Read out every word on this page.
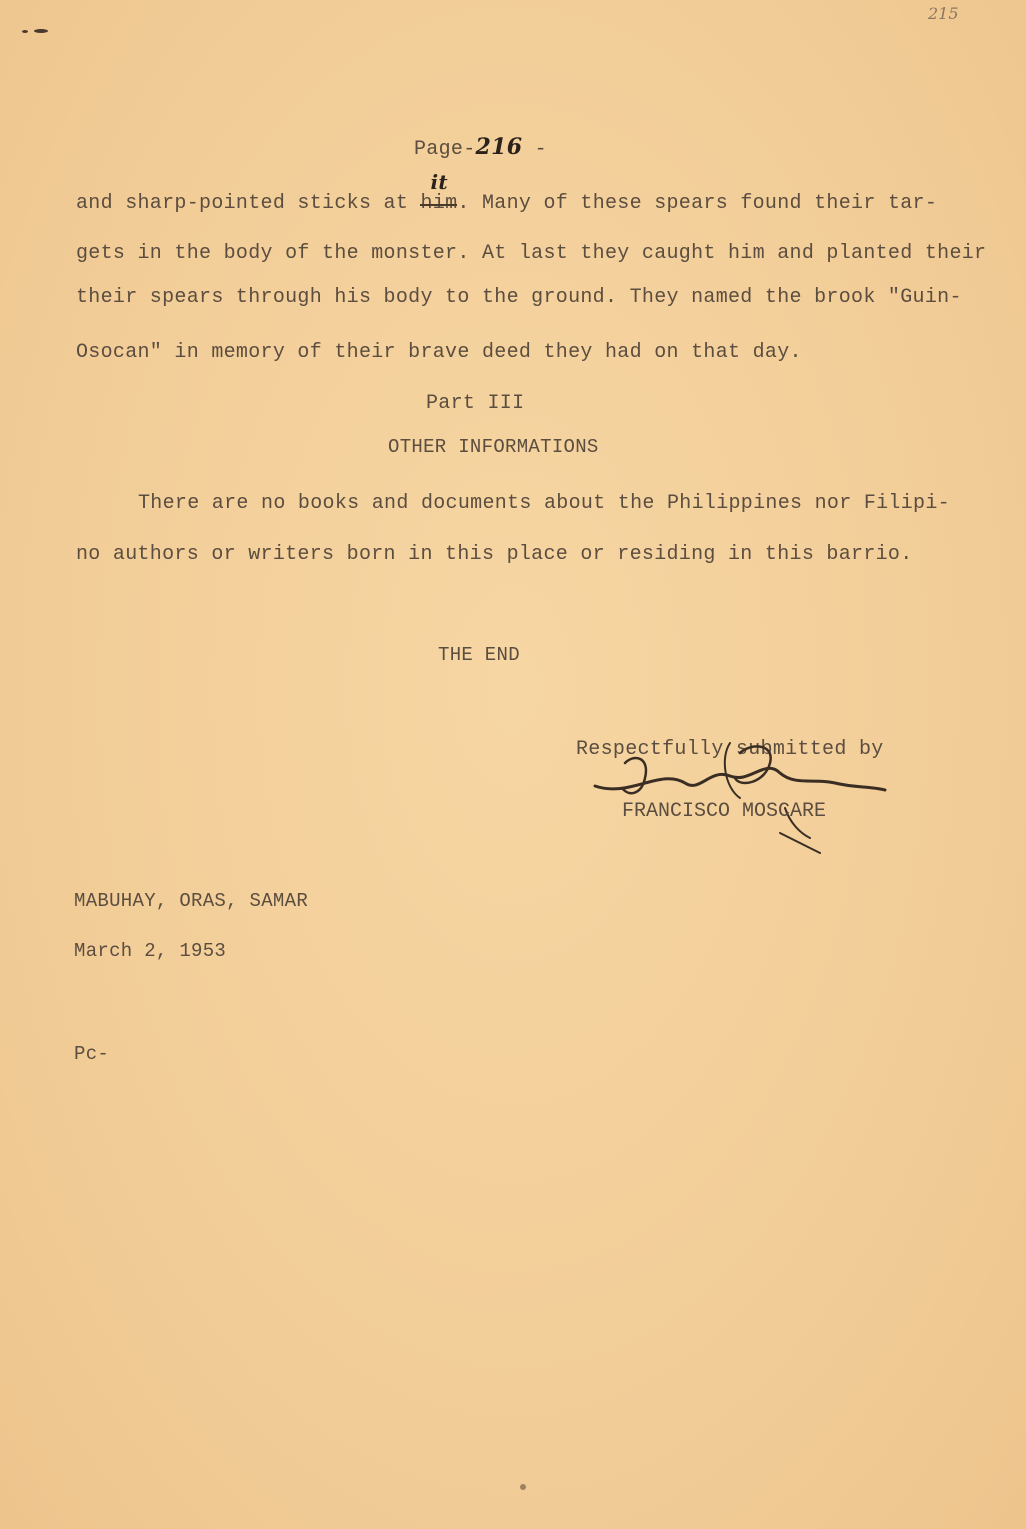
215
Page-216 -
and sharp-pointed sticks at him
it
. Many of these spears found their tar-
gets in the body of the monster. At last they caught him and planted their
their spears through his body to the ground. They named the brook "Guin-
Osocan" in memory of their brave deed they had on that day.
Part III
OTHER INFORMATIONS
There are no books and documents about the Philippines nor Filipi-
no authors or writers born in this place or residing in this barrio.
THE END
Respectfully submitted by
FRANCISCO MOSCARE
MABUHAY, ORAS, SAMAR
March 2, 1953
Pc-
